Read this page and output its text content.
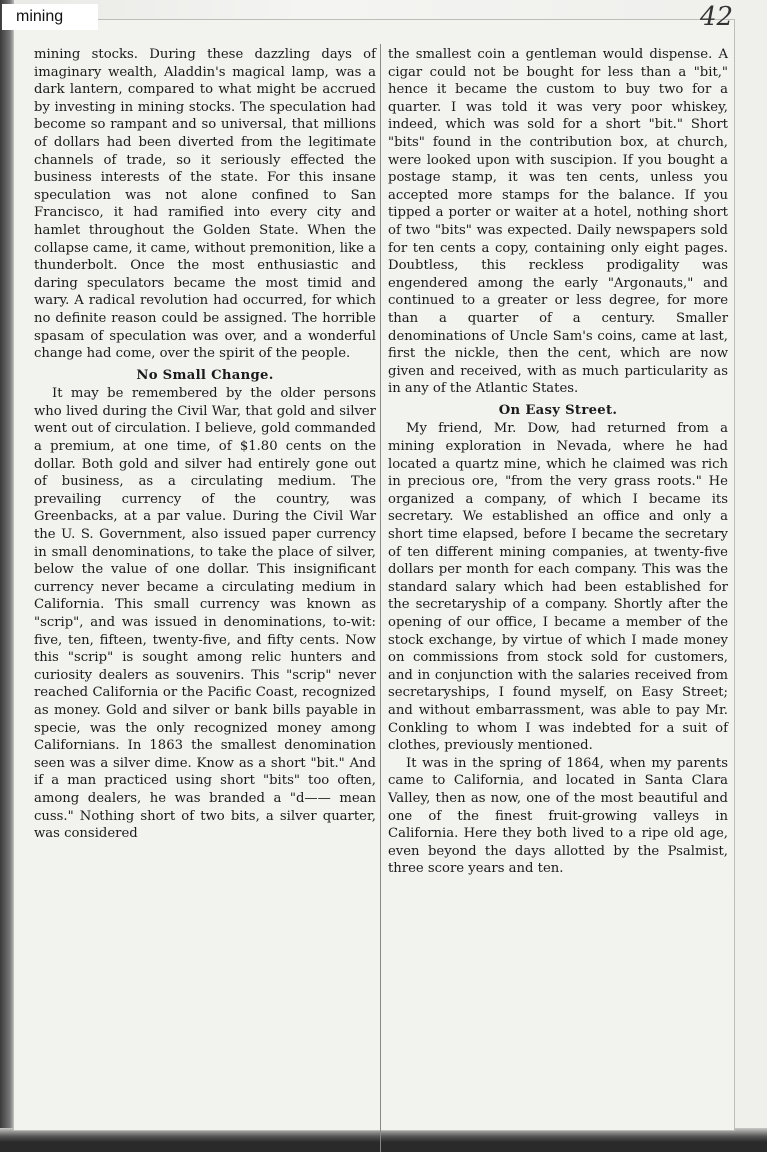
mining stocks. During these dazzling days of imaginary wealth, Aladdin's magical lamp, was a dark lantern, compared to what might be accrued by investing in mining stocks. The speculation had become so rampant and so universal, that millions of dollars had been diverted from the legitimate channels of trade, so it seriously effected the business interests of the state. For this insane speculation was not alone confined to San Francisco, it had ramified into every city and hamlet throughout the Golden State. When the collapse came, it came, without premonition, like a thunderbolt. Once the most enthusiastic and daring speculators became the most timid and wary. A radical revolution had occurred, for which no definite reason could be assigned. The horrible spasam of speculation was over, and a wonderful change had come, over the spirit of the people.

No Small Change.

It may be remembered by the older persons who lived during the Civil War, that gold and silver went out of circulation. I believe, gold commanded a premium, at one time, of $1.80 cents on the dollar. Both gold and silver had entirely gone out of business, as a circulating medium. The prevailing currency of the country, was Greenbacks, at a par value. During the Civil War the U. S. Government, also issued paper currency in small denominations, to take the place of silver, below the value of one dollar. This insignificant currency never became a circulating medium in California. This small currency was known as "scrip", and was issued in denominations, to-wit: five, ten, fifteen, twenty-five, and fifty cents. Now this "scrip" is sought among relic hunters and curiosity dealers as souvenirs. This "scrip" never reached California or the Pacific Coast, recognized as money. Gold and silver or bank bills payable in specie, was the only recognized money among Californians. In 1863 the smallest denomination seen was a silver dime. Know as a short "bit." And if a man practiced using short "bits" too often, among dealers, he was branded a "d—— mean cuss." Nothing short of two bits, a silver quarter, was considered

the smallest coin a gentleman would dispense. A cigar could not be bought for less than a "bit," hence it became the custom to buy two for a quarter. I was told it was very poor whiskey, indeed, which was sold for a short "bit." Short "bits" found in the contribution box, at church, were looked upon with suscipion. If you bought a postage stamp, it was ten cents, unless you accepted more stamps for the balance. If you tipped a porter or waiter at a hotel, nothing short of two "bits" was expected. Daily newspapers sold for ten cents a copy, containing only eight pages. Doubtless, this reckless prodigality was engendered among the early "Argonauts," and continued to a greater or less degree, for more than a quarter of a century. Smaller denominations of Uncle Sam's coins, came at last, first the nickle, then the cent, which are now given and received, with as much particularity as in any of the Atlantic States.

On Easy Street.

My friend, Mr. Dow, had returned from a mining exploration in Nevada, where he had located a quartz mine, which he claimed was rich in precious ore, "from the very grass roots." He organized a company, of which I became its secretary. We established an office and only a short time elapsed, before I became the secretary of ten different mining companies, at twenty-five dollars per month for each company. This was the standard salary which had been established for the secretaryship of a company. Shortly after the opening of our office, I became a member of the stock exchange, by virtue of which I made money on commissions from stock sold for customers, and in conjunction with the salaries received from secretaryships, I found myself, on Easy Street; and without embarrassment, was able to pay Mr. Conkling to whom I was indebted for a suit of clothes, previously mentioned.

It was in the spring of 1864, when my parents came to California, and located in Santa Clara Valley, then as now, one of the most beautiful and one of the finest fruit-growing valleys in California. Here they both lived to a ripe old age, even beyond the days allotted by the Psalmist, three score years and ten.

42
mining
